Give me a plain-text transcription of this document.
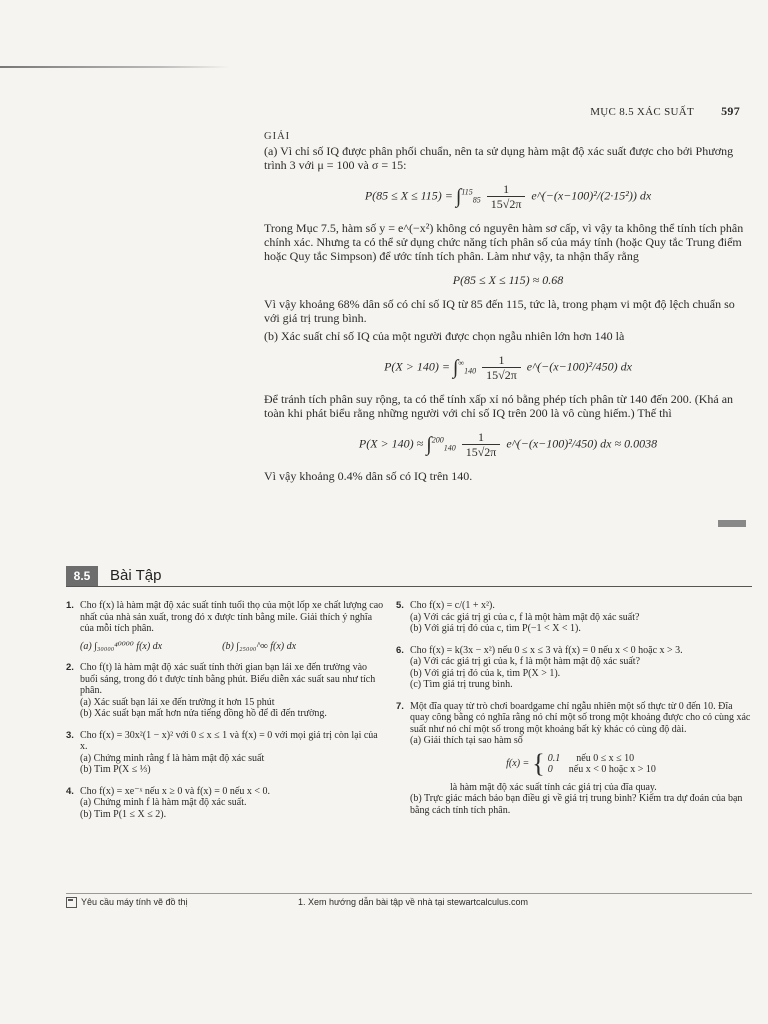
MỤC 8.5 XÁC SUẤT 597
GIẢI

(a) Vì chỉ số IQ được phân phối chuẩn, nên ta sử dụng hàm mật độ xác suất được cho bởi Phương trình 3 với μ = 100 và σ = 15:

$P(85 \le X \le 115) = \int^{115}_{85} \frac{1}{15√2\pi}$ e^(−(x−100)²/(2·15²)) dx

Trong Mục 7.5, hàm số y = e^(−x²) không có nguyên hàm sơ cấp, vì vậy ta không thể tính tích phân chính xác. Nhưng ta có thể sử dụng chức năng tích phân số của máy tính (hoặc Quy tắc Trung điểm hoặc Quy tắc Simpson) để ước tính tích phân. Làm như vậy, ta nhận thấy rằng

P(85 ≤ X ≤ 115) ≈ 0.68

Vì vậy khoảng 68% dân số có chỉ số IQ từ 85 đến 115, tức là, trong phạm vi một độ lệch chuẩn so với giá trị trung bình.

(b) Xác suất chỉ số IQ của một người được chọn ngẫu nhiên lớn hơn 140 là

$P(X > 140) = \int^\infty_{140} \frac{1}{15√2\pi}$ e^(−(x−100)²/450) dx

Để tránh tích phân suy rộng, ta có thể tính xấp xỉ nó bằng phép tích phân từ 140 đến 200. (Khá an toàn khi phát biểu rằng những người với chỉ số IQ trên 200 là vô cùng hiếm.) Thế thì

$P(X > 140) \approx \int^{200}_{140} \frac{1}{15√2\pi}$ e^(−(x−100)²/450) dx ≈ 0.0038

Vì vậy khoảng 0.4% dân số có IQ trên 140.

8.5	Bài Tập
1. Cho f(x) là hàm mật độ xác suất tính tuổi thọ của một lốp xe chất lượng cao nhất của nhà sản xuất, trong đó x được tính bằng mile. Giải thích ý nghĩa của mỗi tích phân.

(a) ∫₃₀₀₀₀⁴⁰⁰⁰⁰ f(x) dx	(b) ∫₂₅₀₀₀^∞ f(x) dx
2. Cho f(t) là hàm mật độ xác suất tính thời gian bạn lái xe đến trường vào buổi sáng, trong đó t được tính bằng phút. Biểu diễn xác suất sau như tích phân.

(a) Xác suất bạn lái xe đến trường ít hơn 15 phút

(b) Xác suất bạn mất hơn nửa tiếng đồng hồ để đi đến trường.

3. Cho f(x) = 30x²(1 − x)² với 0 ≤ x ≤ 1 và f(x) = 0 với mọi giá trị còn lại của x.

(a) Chứng minh rằng f là hàm mật độ xác suất

(b) Tìm P(X ≤ ⅓)

4. Cho f(x) = xe⁻ˣ nếu x ≥ 0 và f(x) = 0 nếu x < 0.

(a) Chứng minh f là hàm mật độ xác suất.

(b) Tìm P(1 ≤ X ≤ 2).

5. Cho f(x) = c/(1 + x²).

(a) Với các giá trị gì của c, f là một hàm mật độ xác suất?

(b) Với giá trị đó của c, tìm P(−1 < X < 1).

6. Cho f(x) = k(3x − x²) nếu 0 ≤ x ≤ 3 và f(x) = 0 nếu x < 0 hoặc x > 3.

(a) Với các giá trị gì của k, f là một hàm mật độ xác suất?

(b) Với giá trị đó của k, tìm P(X > 1).

(c) Tìm giá trị trung bình.

7. Một đĩa quay từ trò chơi boardgame chỉ ngẫu nhiên một số thực từ 0 đến 10. Đĩa quay công bằng có nghĩa rằng nó chỉ một số trong một khoảng được cho có cùng xác suất như nó chỉ một số trong một khoảng bất kỳ khác có cùng độ dài.

(a) Giải thích tại sao hàm số

f(x) = { 0.1 nếu 0 ≤ x ≤ 10
0 nếu x < 0 hoặc x > 10

là hàm mật độ xác suất tính các giá trị của đĩa quay.

(b) Trực giác mách bảo bạn điều gì về giá trị trung bình? Kiểm tra dự đoán của bạn bằng cách tính tích phân.

Yêu cầu máy tính vẽ đồ thị	1. Xem hướng dẫn bài tập về nhà tại stewartcalculus.com
